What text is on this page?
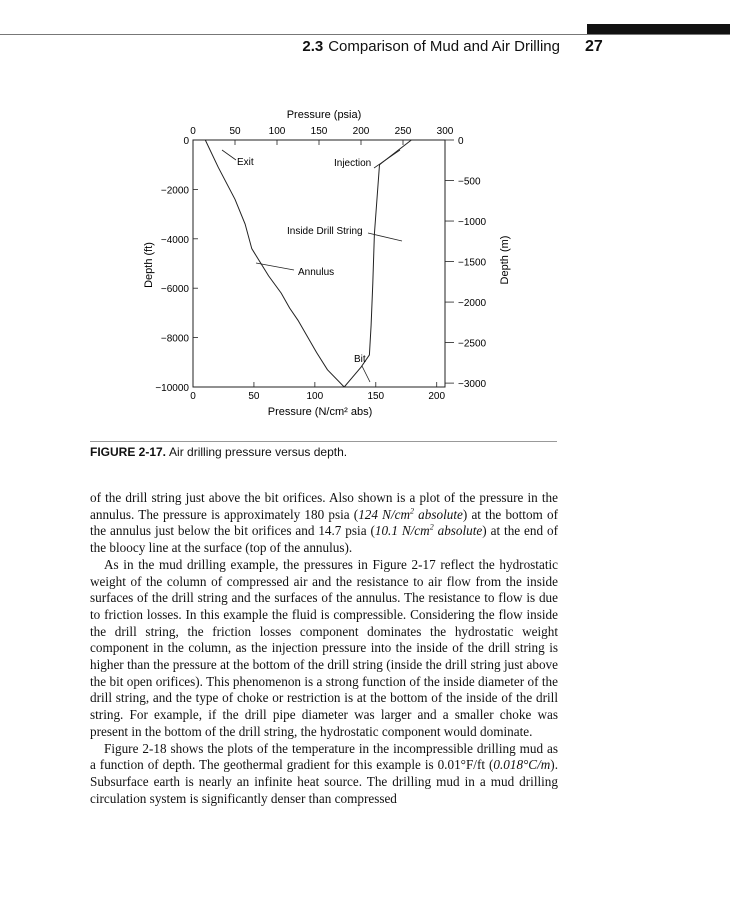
2.3 Comparison of Mud and Air Drilling 27
0	50	100	150	200	250	300
0	50	100	150	200
0
−2000
−4000
−6000
−8000
−10000
0
−500
−1000
−1500
−2000
−2500
−3000
Pressure (psia)
Pressure (N/cm² abs)
Depth (ft)	Depth (m)
Exit	Injection
Inside Drill String
Annulus
Bit
FIGURE 2-17. Air drilling pressure versus depth.

of the drill string just above the bit orifices. Also shown is a plot of the pressure in the annulus. The pressure is approximately 180 psia (124 $N/cm^2$ absolute) at the bottom of the annulus just below the bit orifices and 14.7 psia (10.1 $N/cm^2$ absolute) at the end of the bloocy line at the surface (top of the annulus).

As in the mud drilling example, the pressures in Figure 2-17 reflect the hydrostatic weight of the column of compressed air and the resistance to air flow from the inside surfaces of the drill string and the surfaces of the annulus. The resistance to flow is due to friction losses. In this example the fluid is compressible. Considering the flow inside the drill string, the friction losses component dominates the hydrostatic weight component in the column, as the injection pressure into the inside of the drill string is higher than the pressure at the bottom of the drill string (inside the drill string just above the bit open orifices). This phenomenon is a strong function of the inside diameter of the drill string, and the type of choke or restriction is at the bottom of the inside of the drill string. For example, if the drill pipe diameter was larger and a smaller choke was present in the bottom of the drill string, the hydrostatic component would dominate.

Figure 2-18 shows the plots of the temperature in the incompressible drilling mud as a function of depth. The geothermal gradient for this example is 0.01°F/ft (0.018°C/m). Subsurface earth is nearly an infinite heat source. The drilling mud in a mud drilling circulation system is significantly denser than compressed
